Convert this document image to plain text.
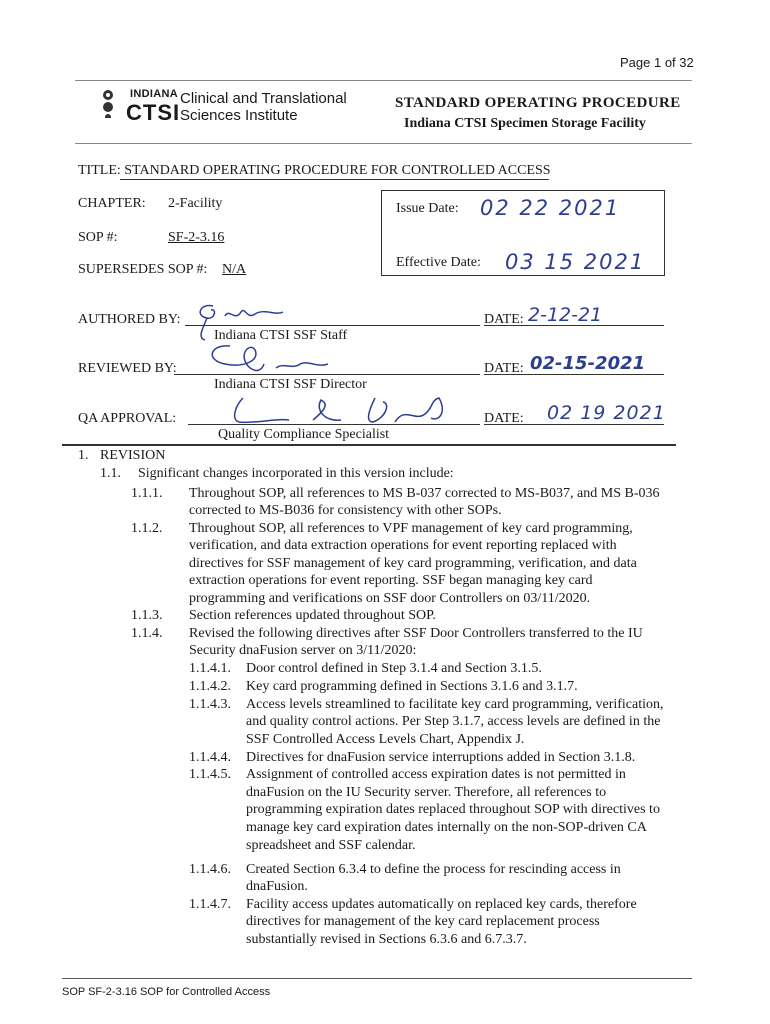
Page 1 of 32
INDIANA
CTSI
Clinical and Translational
Sciences Institute
STANDARD OPERATING PROCEDURE
Indiana CTSI Specimen Storage Facility
TITLE: STANDARD OPERATING PROCEDURE FOR CONTROLLED ACCESS
CHAPTER: 2-Facility
SOP #:	SF-2-3.16
SUPERSEDES SOP #: N/A
Issue Date: 02 22 2021
Effective Date: 03 15 2021
AUTHORED BY:	DATE: 2-12-21
Indiana CTSI SSF Staff
REVIEWED BY:	DATE: 02-15-2021
Indiana CTSI SSF Director
QA APPROVAL:	DATE: 02 19 2021
Quality Compliance Specialist
1. REVISION
1.1. Significant changes incorporated in this version include:
1.1.1. Throughout SOP, all references to MS B-037 corrected to MS-B037, and MS B-036
corrected to MS-B036 for consistency with other SOPs.
1.1.2. Throughout SOP, all references to VPF management of key card programming,
verification, and data extraction operations for event reporting replaced with
directives for SSF management of key card programming, verification, and data
extraction operations for event reporting. SSF began managing key card
programming and verifications on SSF door Controllers on 03/11/2020.
1.1.3. Section references updated throughout SOP.
1.1.4. Revised the following directives after SSF Door Controllers transferred to the IU
Security dnaFusion server on 3/11/2020:
1.1.4.1. Door control defined in Step 3.1.4 and Section 3.1.5.
1.1.4.2. Key card programming defined in Sections 3.1.6 and 3.1.7.
1.1.4.3. Access levels streamlined to facilitate key card programming, verification,
and quality control actions. Per Step 3.1.7, access levels are defined in the
SSF Controlled Access Levels Chart, Appendix J.
1.1.4.4. Directives for dnaFusion service interruptions added in Section 3.1.8.
1.1.4.5. Assignment of controlled access expiration dates is not permitted in
dnaFusion on the IU Security server. Therefore, all references to
programming expiration dates replaced throughout SOP with directives to
manage key card expiration dates internally on the non-SOP-driven CA
spreadsheet and SSF calendar.
1.1.4.6. Created Section 6.3.4 to define the process for rescinding access in
dnaFusion.
1.1.4.7. Facility access updates automatically on replaced key cards, therefore
directives for management of the key card replacement process
substantially revised in Sections 6.3.6 and 6.7.3.7.
SOP SF-2-3.16 SOP for Controlled Access
